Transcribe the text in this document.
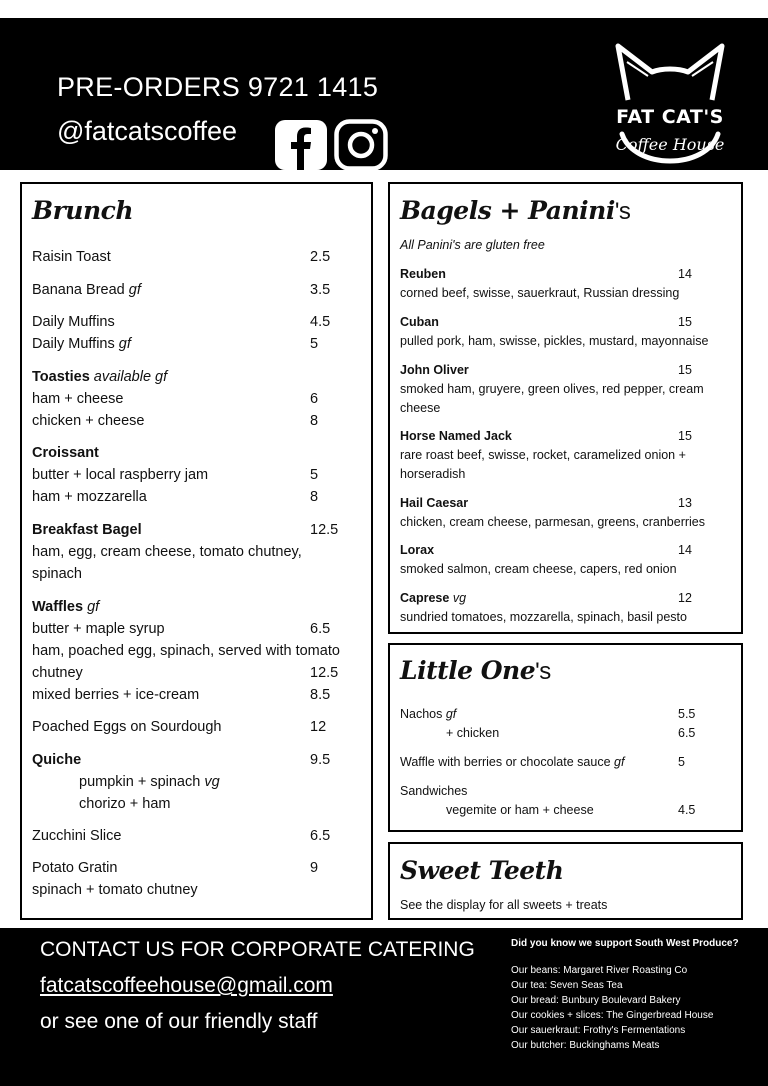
PRE-ORDERS 9721 1415
@fatcatscoffee	FAT CAT'S
Coffee House
Brunch
Raisin Toast	2.5
Banana Bread gf	3.5
Daily Muffins	4.5
Daily Muffins gf	5
Toasties available gf
ham + cheese	6
chicken + cheese	8
Croissant
butter + local raspberry jam	5
ham + mozzarella	8
Breakfast Bagel	12.5
ham, egg, cream cheese, tomato chutney,
spinach
Waffles gf
butter + maple syrup	6.5
ham, poached egg, spinach, served with tomato
chutney	12.5
mixed berries + ice-cream	8.5
Poached Eggs on Sourdough	12
Quiche	9.5
pumpkin + spinach vg
chorizo + ham
Zucchini Slice	6.5
Potato Gratin	9
spinach + tomato chutney
Bagels + Panini's
All Panini's are gluten free
Reuben	14
corned beef, swisse, sauerkraut, Russian dressing
Cuban	15
pulled pork, ham, swisse, pickles, mustard, mayonnaise
John Oliver	15
smoked ham, gruyere, green olives, red pepper, cream
cheese
Horse Named Jack	15
rare roast beef, swisse, rocket, caramelized onion +
horseradish
Hail Caesar	13
chicken, cream cheese, parmesan, greens, cranberries
Lorax	14
smoked salmon, cream cheese, capers, red onion
Caprese vg	12
sundried tomatoes, mozzarella, spinach, basil pesto
Little One's
Nachos gf	5.5
+ chicken	6.5
Waffle with berries or chocolate sauce gf	5
Sandwiches
vegemite or ham + cheese	4.5
Sweet Teeth
See the display for all sweets + treats
CONTACT US FOR CORPORATE CATERING
fatcatscoffeehouse@gmail.com
or see one of our friendly staff
Did you know we support South West Produce?
Our beans: Margaret River Roasting Co
Our tea: Seven Seas Tea
Our bread: Bunbury Boulevard Bakery
Our cookies + slices: The Gingerbread House
Our sauerkraut: Frothy's Fermentations
Our butcher: Buckinghams Meats
